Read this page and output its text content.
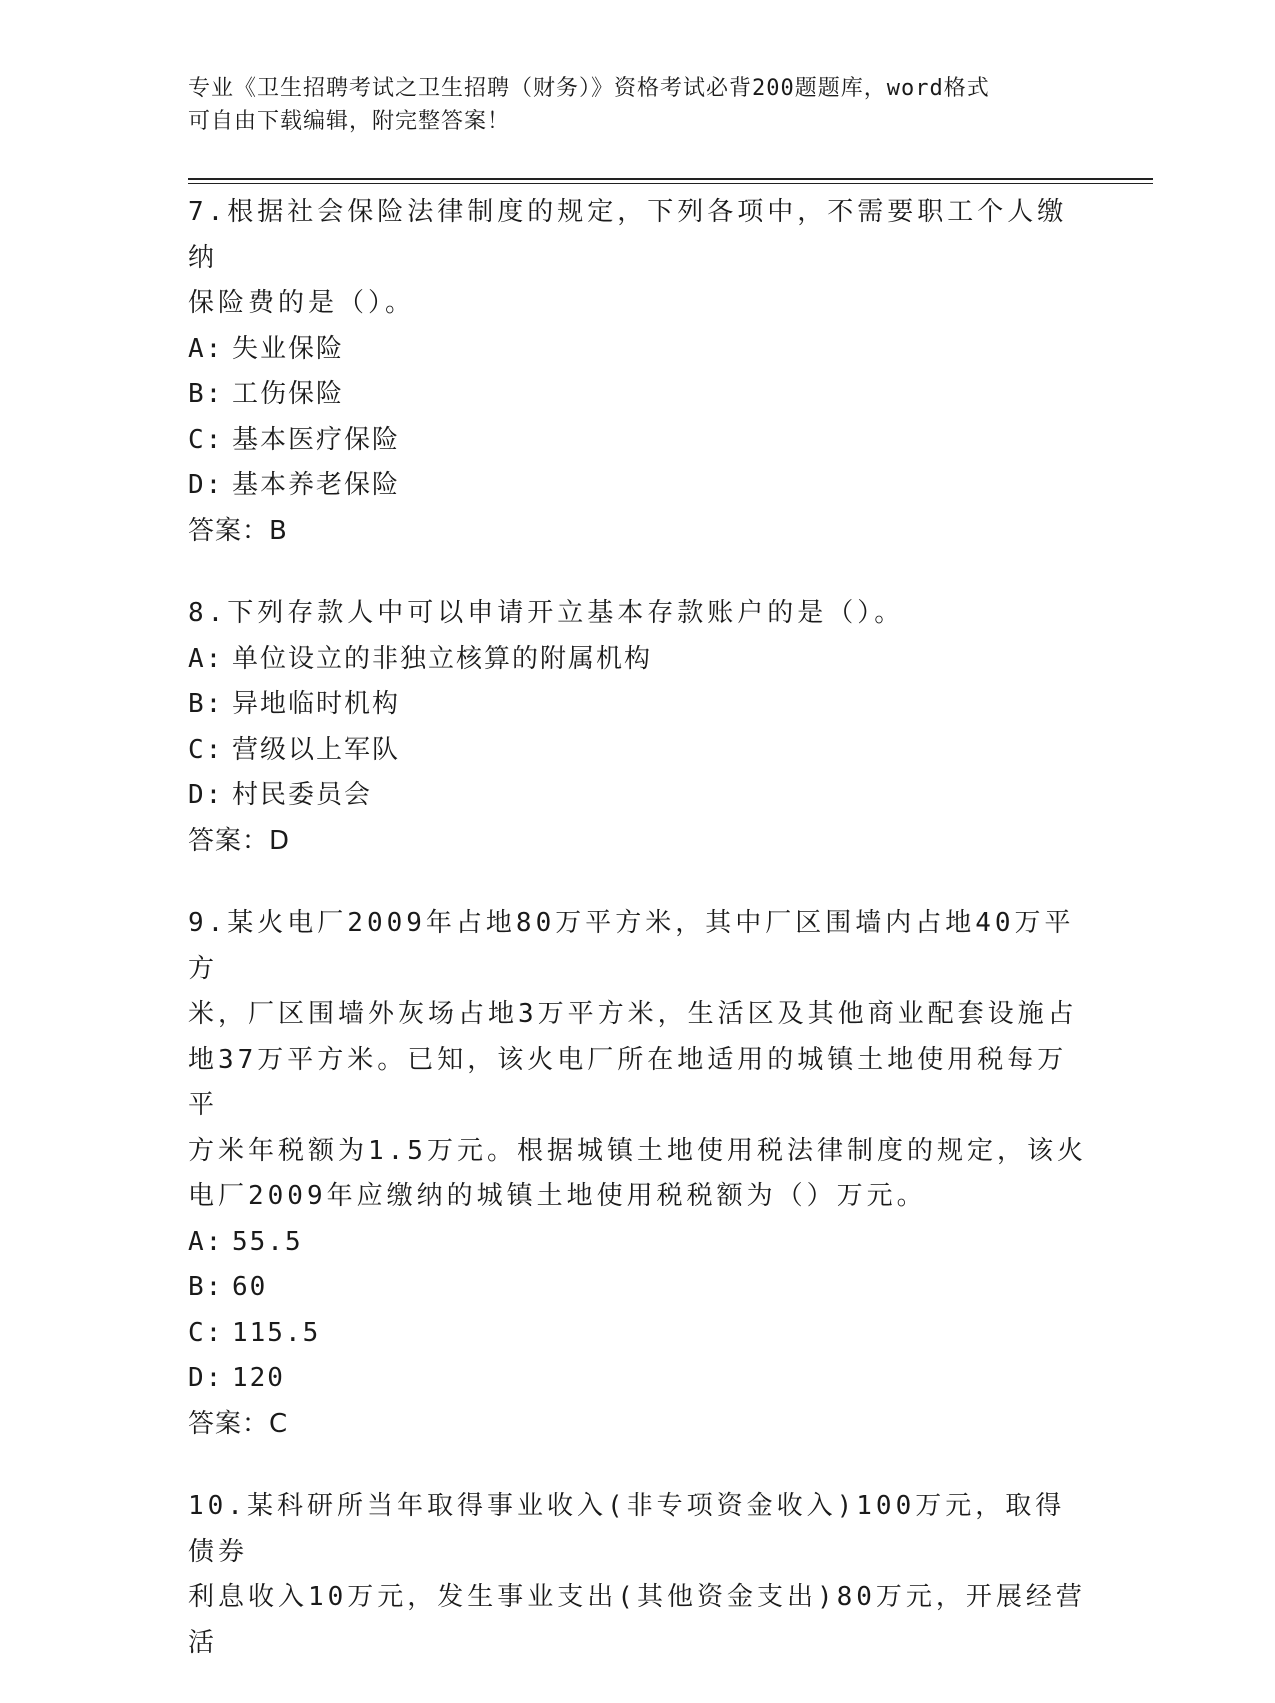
专业《卫生招聘考试之卫生招聘（财务）》资格考试必背200题题库，word格式
可自由下载编辑，附完整答案！

7.根据社会保险法律制度的规定，下列各项中，不需要职工个人缴纳
保险费的是（）。

A: 失业保险
B: 工伤保险
C: 基本医疗保险
D: 基本养老保险
答案：B

8.下列存款人中可以申请开立基本存款账户的是（）。

A: 单位设立的非独立核算的附属机构
B: 异地临时机构
C: 营级以上军队
D: 村民委员会
答案：D

9.某火电厂2009年占地80万平方米，其中厂区围墙内占地40万平方
米，厂区围墙外灰场占地3万平方米，生活区及其他商业配套设施占
地37万平方米。已知，该火电厂所在地适用的城镇土地使用税每万平
方米年税额为1.5万元。根据城镇土地使用税法律制度的规定，该火
电厂2009年应缴纳的城镇土地使用税税额为（）万元。

A: 55.5
B: 60
C: 115.5
D: 120
答案：C

10.某科研所当年取得事业收入(非专项资金收入)100万元，取得债券
利息收入10万元，发生事业支出(其他资金支出)80万元，开展经营活
